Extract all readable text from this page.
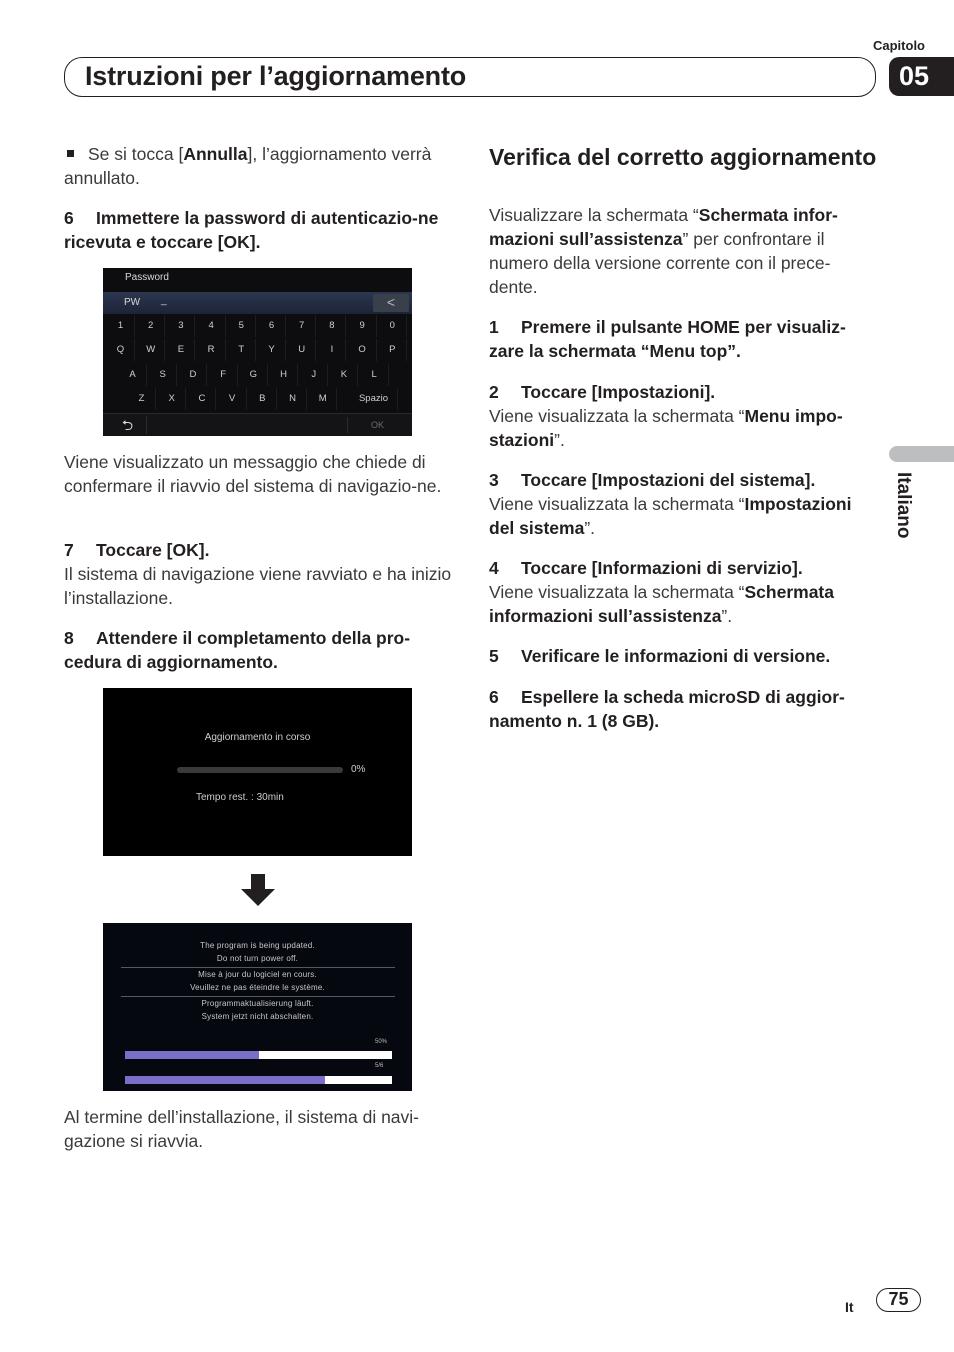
Capitolo
05
Istruzioni per l’aggiornamento
Italiano
Se si tocca [Annulla], l’aggiornamento verrà annullato.
6 Immettere la password di autenticazio-ne ricevuta e toccare [OK].
Password
PW _	<
1	2	3	4	5	6	7	8	9	0
Q	W	E	R	T	Y	U	I	O	P
A	S	D	F	G	H	J	K	L
Spazio
Z	X	C	V	B	N	M
⮌	OK
Viene visualizzato un messaggio che chiede di confermare il riavvio del sistema di navigazio-ne.
7 Toccare [OK].
Il sistema di navigazione viene ravviato e ha inizio l’installazione.
8 Attendere il completamento della pro-cedura di aggiornamento.
Aggiornamento in corso
0%
Tempo rest. : 30min
The program is being updated.
Do not turn power off.
Mise à jour du logiciel en cours.
Veuillez ne pas éteindre le système.
Programmaktualisierung läuft.
System jetzt nicht abschalten.
50%
5/6
Al termine dell’installazione, il sistema di navi-gazione si riavvia.
Verifica del corretto aggiornamento
Visualizzare la schermata “Schermata infor-mazioni sull’assistenza” per confrontare il numero della versione corrente con il prece-dente.
1 Premere il pulsante HOME per visualiz-zare la schermata “Menu top”.
2 Toccare [Impostazioni].
Viene visualizzata la schermata “Menu impo-stazioni”.
3 Toccare [Impostazioni del sistema].
Viene visualizzata la schermata “Impostazioni del sistema”.
4 Toccare [Informazioni di servizio].
Viene visualizzata la schermata “Schermata informazioni sull’assistenza”.
5 Verificare le informazioni di versione.
6 Espellere la scheda microSD di aggior-namento n. 1 (8 GB).
It	75
